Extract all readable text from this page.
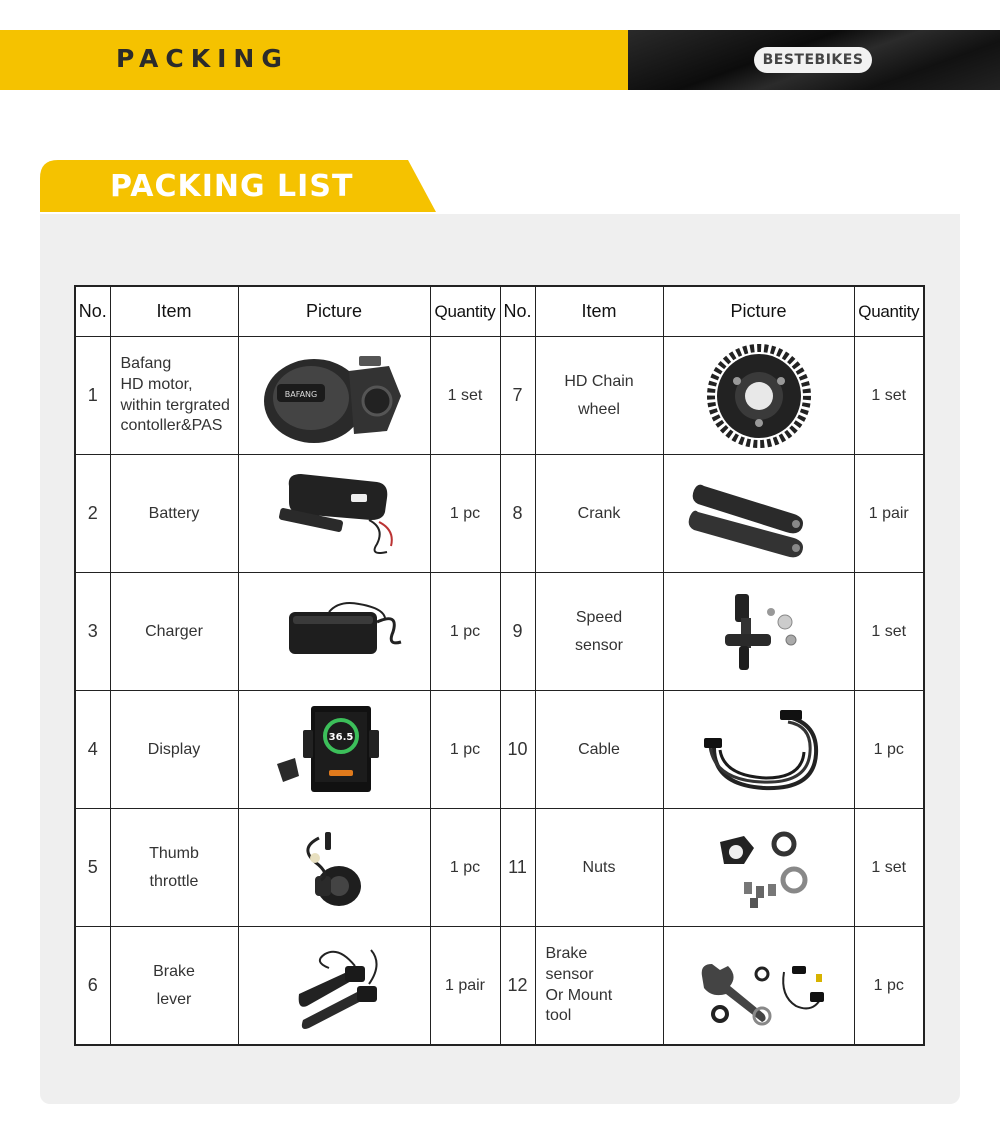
PACKING	BESTEBIKES
PACKING LIST
No.	Item	Picture	Quantity	No.	Item	Picture	Quantity
1	Bafang
HD motor,
within tergrated
contoller&PAS	BAFANG	1 set	7	HD Chain
wheel		1 set
2	Battery		1 pc	8	Crank		1 pair
3	Charger		1 pc	9	Speed
sensor		1 set
4	Display	36.5	1 pc	10	Cable		1 pc
5	Thumb
throttle		1 pc	11	Nuts		1 set
6	Brake
lever		1 pair	12	Brake
sensor
Or Mount
tool		1 pc
